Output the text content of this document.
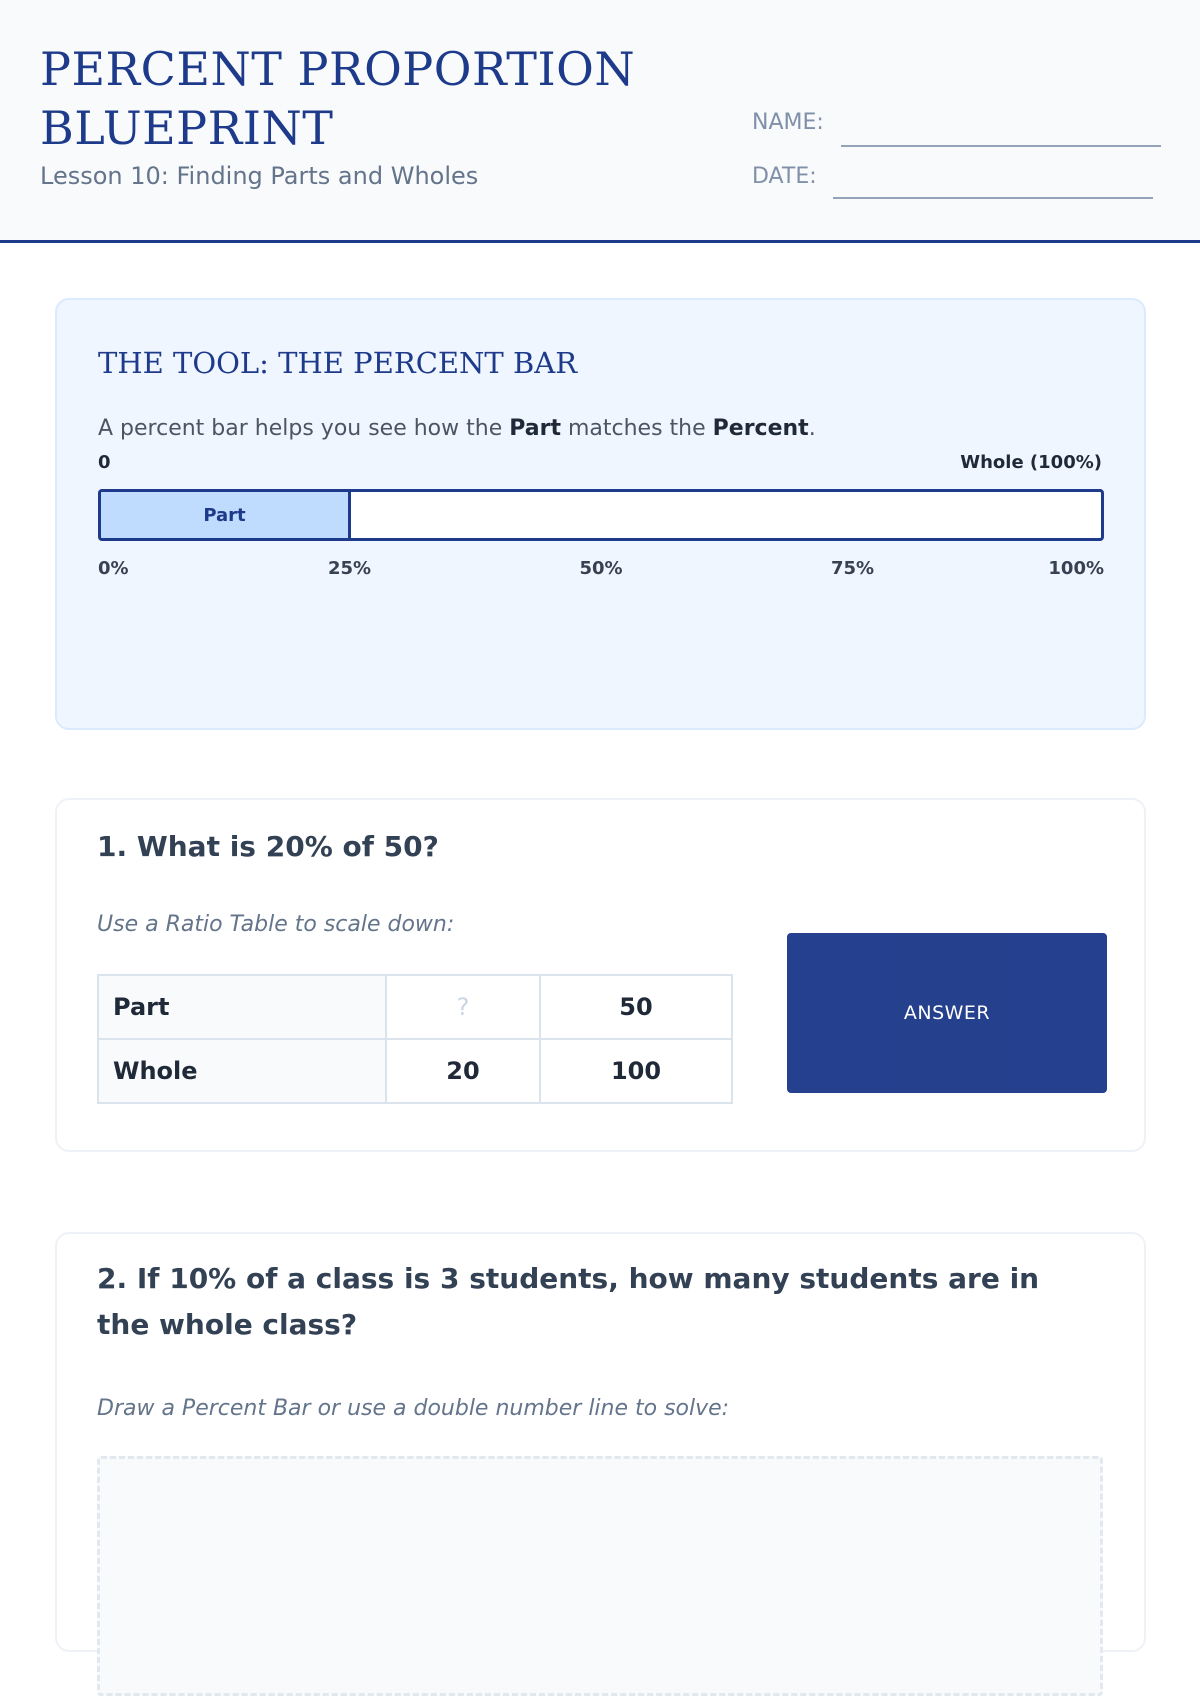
PERCENT PROPORTION BLUEPRINT
Lesson 10: Finding Parts and Wholes
NAME:
DATE:
THE TOOL: THE PERCENT BAR
A percent bar helps you see how the Part matches the Percent.
0	Whole (100%)
Part
0%	25%	50%	75%	100%
1. What is 20% of 50?
Use a Ratio Table to scale down:
Part	?	50
Whole	20	100
ANSWER
2. If 10% of a class is 3 students, how many students are in the whole class?
Draw a Percent Bar or use a double number line to solve:
